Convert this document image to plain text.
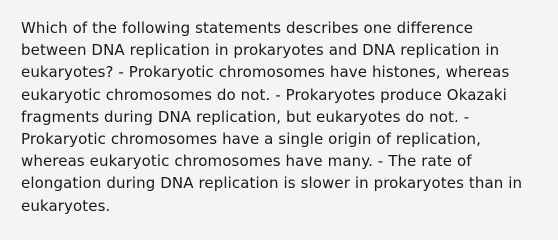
Which of the following statements describes one difference between DNA replication in prokaryotes and DNA replication in eukaryotes? - Prokaryotic chromosomes have histones, whereas eukaryotic chromosomes do not. - Prokaryotes produce Okazaki fragments during DNA replication, but eukaryotes do not. - Prokaryotic chromosomes have a single origin of replication, whereas eukaryotic chromosomes have many. - The rate of elongation during DNA replication is slower in prokaryotes than in eukaryotes.
